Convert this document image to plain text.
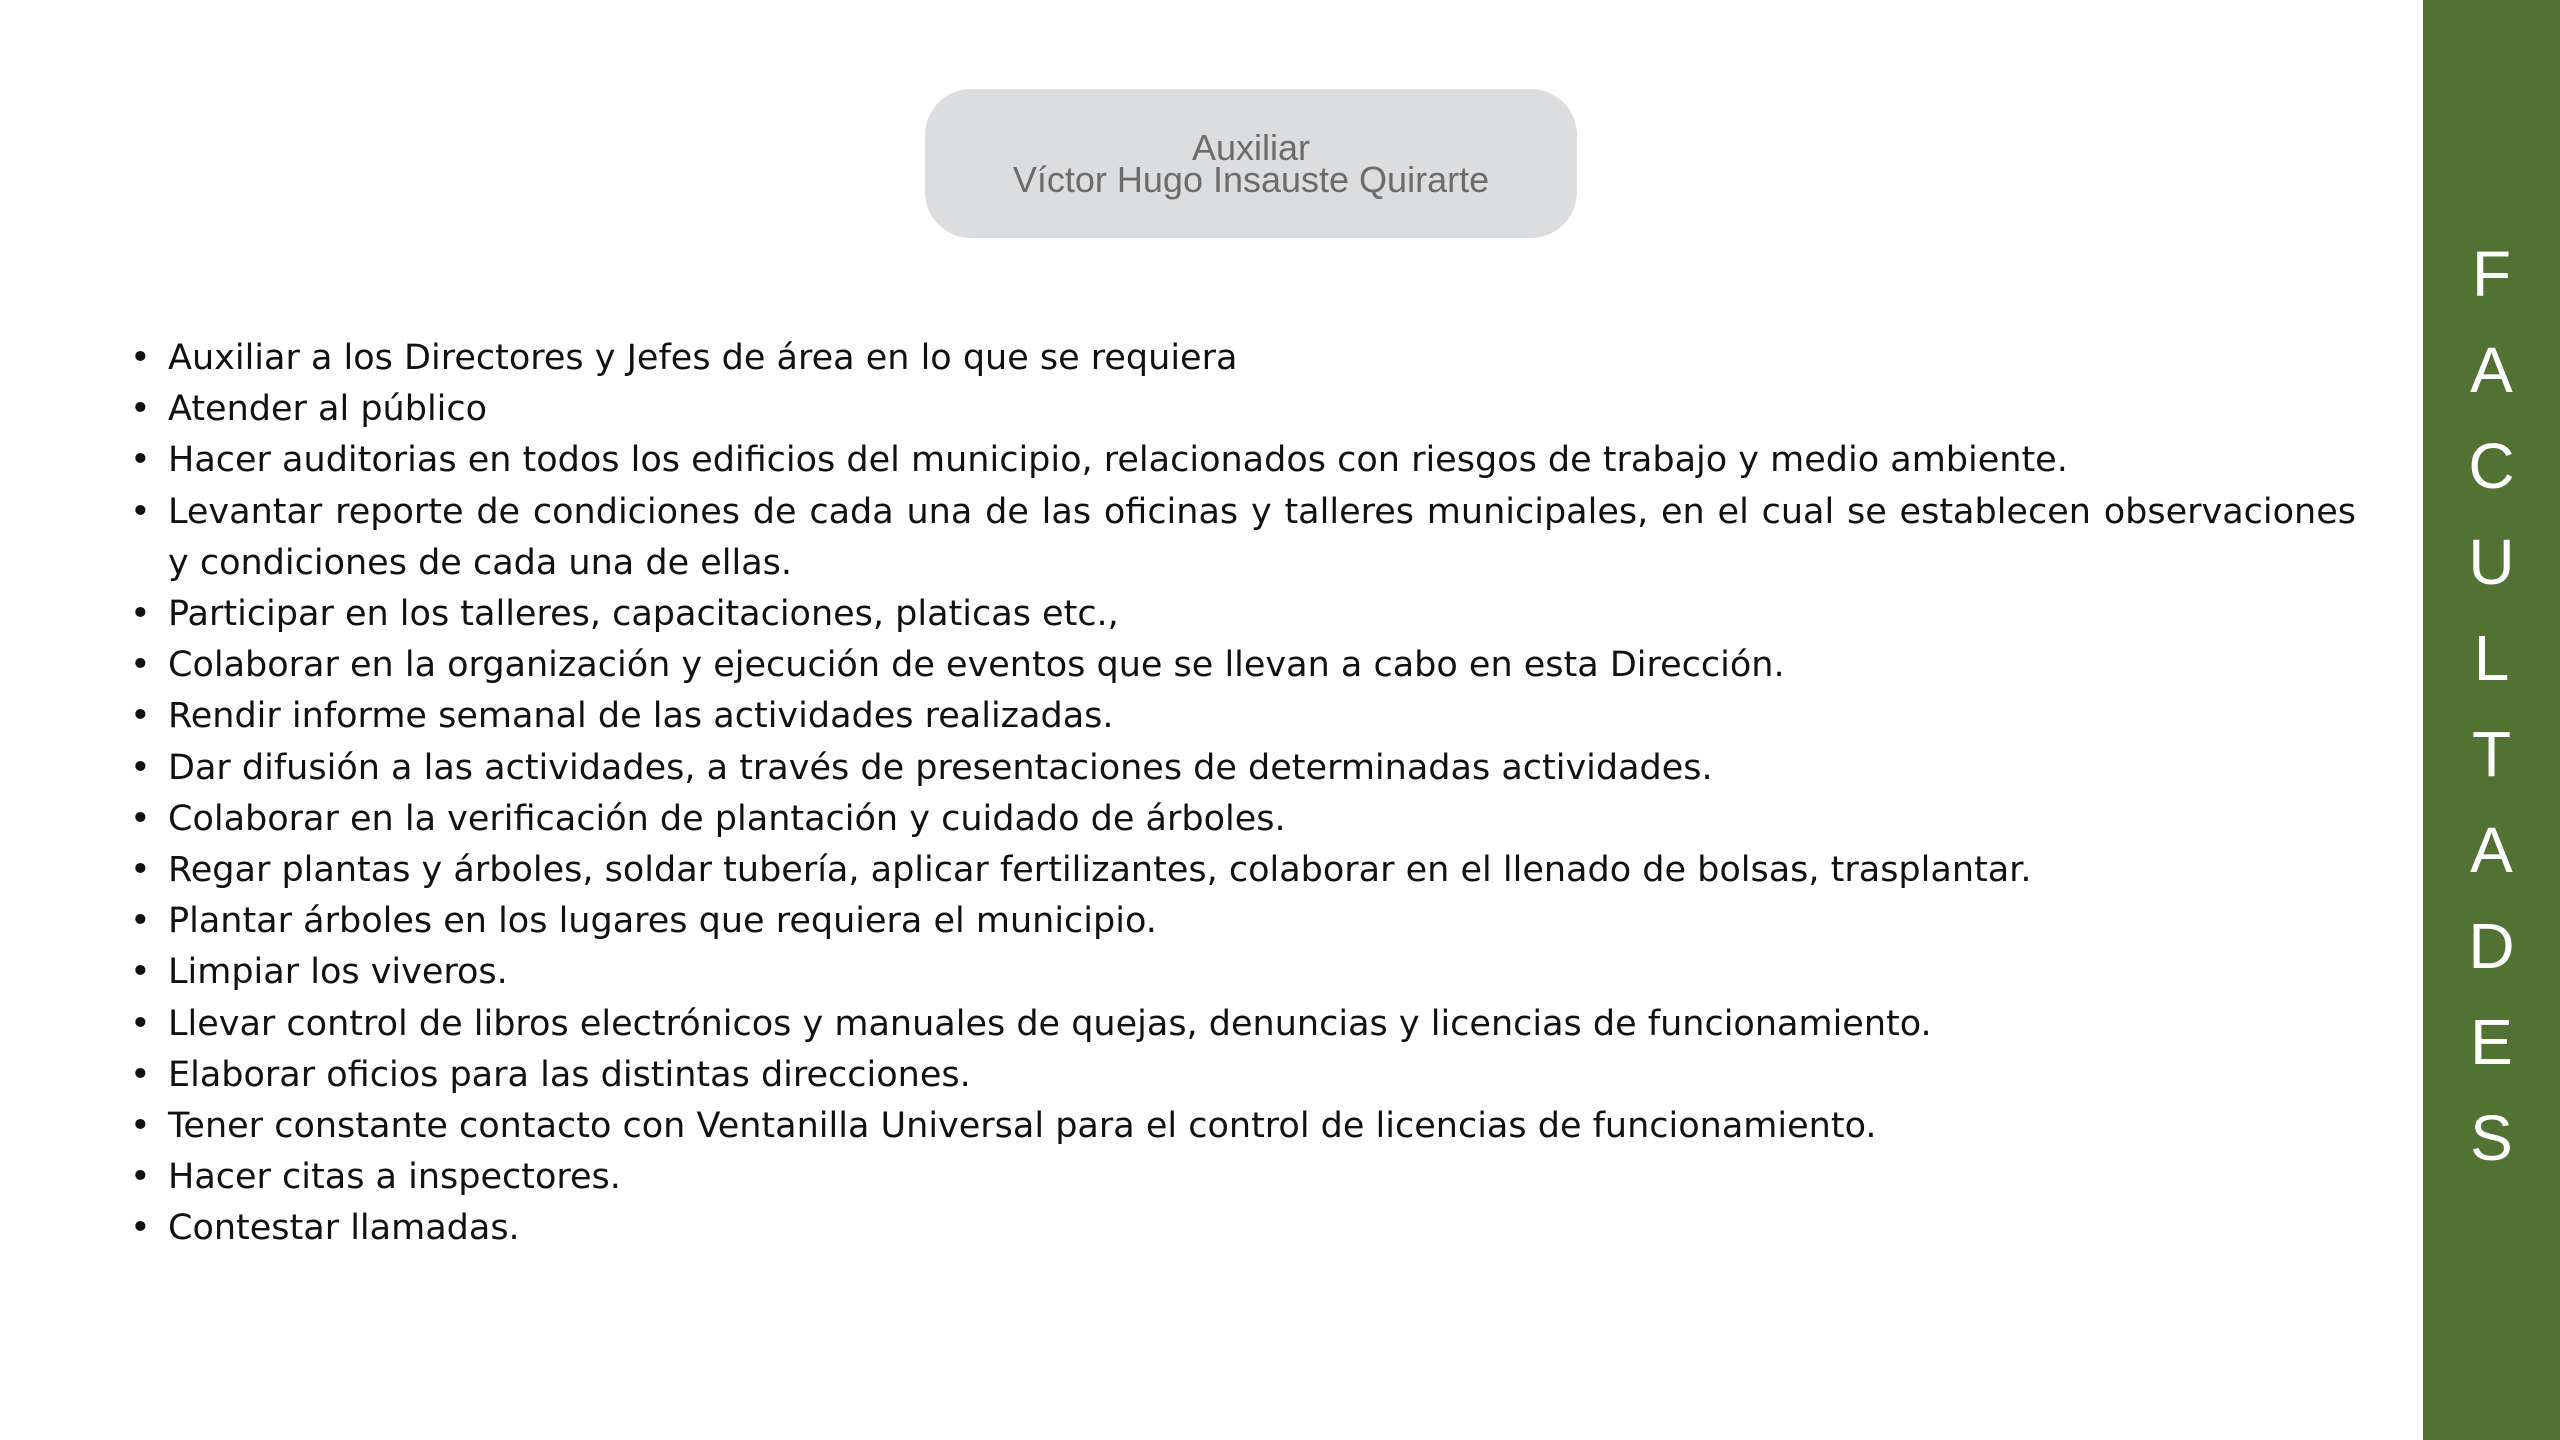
Auxiliar
Víctor Hugo Insauste Quirarte
• Auxiliar a los Directores y Jefes de área en lo que se requiera
• Atender al público
• Hacer auditorias en todos los edificios del municipio, relacionados con riesgos de trabajo y medio ambiente.
• Levantar reporte de condiciones de cada una de las oficinas y talleres municipales, en el cual se establecen observaciones y condiciones de cada una de ellas.
• Participar en los talleres, capacitaciones, platicas etc.,
• Colaborar en la organización y ejecución de eventos que se llevan a cabo en esta Dirección.
• Rendir informe semanal de las actividades realizadas.
• Dar difusión a las actividades, a través de presentaciones de determinadas actividades.
• Colaborar en la verificación de plantación y cuidado de árboles.
• Regar plantas y árboles, soldar tubería, aplicar fertilizantes, colaborar en el llenado de bolsas, trasplantar.
• Plantar árboles en los lugares que requiera el municipio.
• Limpiar los viveros.
• Llevar control de libros electrónicos y manuales de quejas, denuncias y licencias de funcionamiento.
• Elaborar oficios para las distintas direcciones.
• Tener constante contacto con Ventanilla Universal para el control de licencias de funcionamiento.
• Hacer citas a inspectores.
• Contestar llamadas.
F
A
C
U
L
T
A
D
E
S
